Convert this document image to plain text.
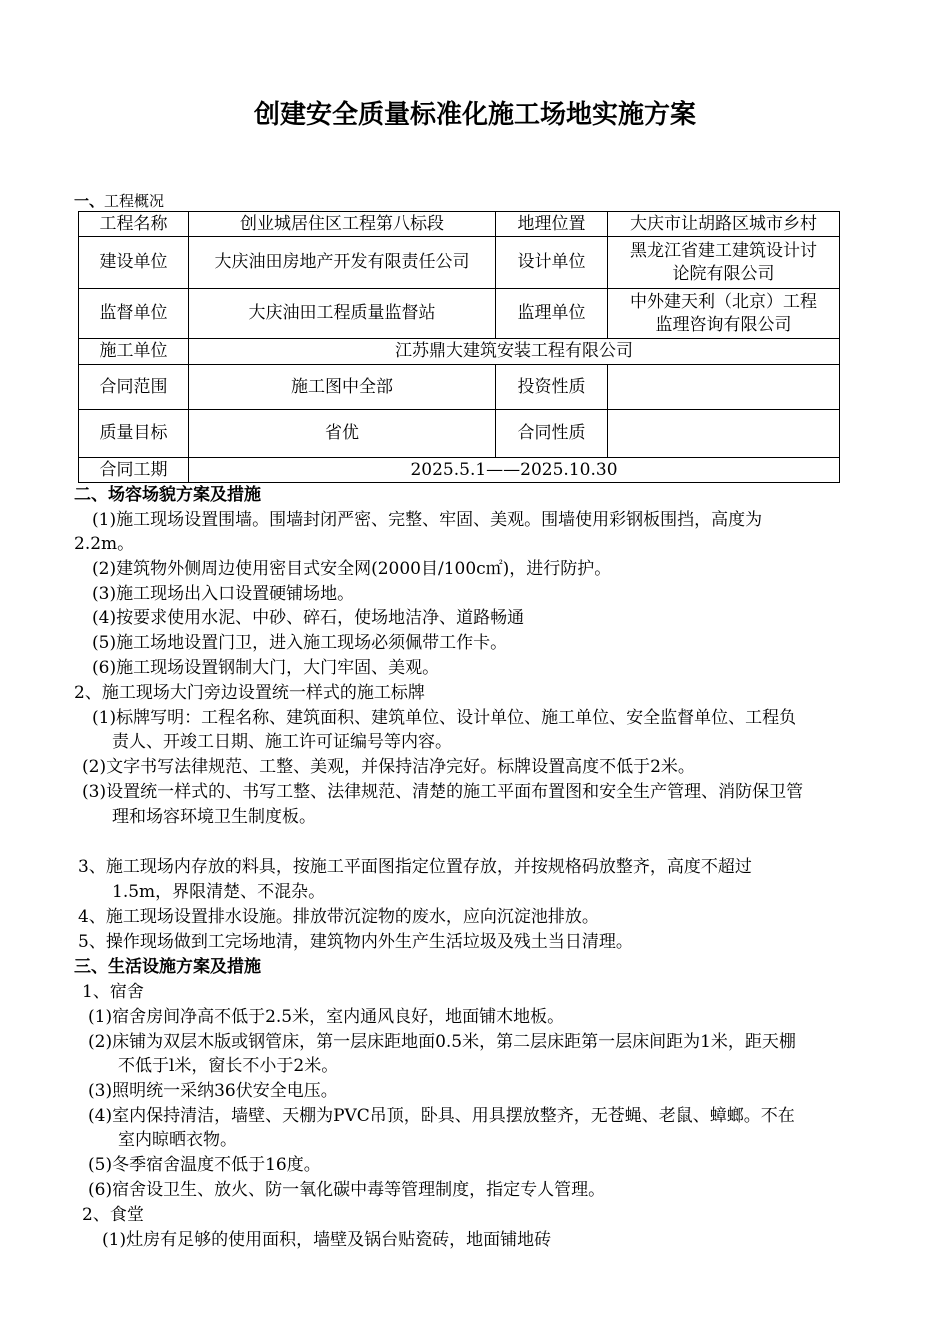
创建安全质量标准化施工场地实施方案
一、工程概况
工程名称	创业城居住区工程第八标段	地理位置	大庆市让胡路区城市乡村
建设单位	大庆油田房地产开发有限责任公司	设计单位	黑龙江省建工建筑设计讨
论院有限公司
监督单位	大庆油田工程质量监督站	监理单位	中外建天利（北京）工程
监理咨询有限公司
施工单位	江苏鼎大建筑安装工程有限公司		
合同范围	施工图中全部	投资性质	
质量目标	省优	合同性质	
合同工期	2025.5.1——2025.10.30		
二、场容场貌方案及措施
(1)施工现场设置围墙。围墙封闭严密、完整、牢固、美观。围墙使用彩钢板围挡，高度为
2.2m。
(2)建筑物外侧周边使用密目式安全网(2000目/100c㎡)，进行防护。
(3)施工现场出入口设置硬铺场地。
(4)按要求使用水泥、中砂、碎石，使场地洁净、道路畅通
(5)施工场地设置门卫，进入施工现场必须佩带工作卡。
(6)施工现场设置钢制大门，大门牢固、美观。
2、施工现场大门旁边设置统一样式的施工标牌
(1)标牌写明：工程名称、建筑面积、建筑单位、设计单位、施工单位、安全监督单位、工程负
责人、开竣工日期、施工许可证编号等内容。
(2)文字书写法律规范、工整、美观，并保持洁净完好。标牌设置高度不低于2米。
(3)设置统一样式的、书写工整、法律规范、清楚的施工平面布置图和安全生产管理、消防保卫管
理和场容环境卫生制度板。
3、施工现场内存放的料具，按施工平面图指定位置存放，并按规格码放整齐，高度不超过
1.5m，界限清楚、不混杂。
4、施工现场设置排水设施。排放带沉淀物的废水，应向沉淀池排放。
5、操作现场做到工完场地清，建筑物内外生产生活垃圾及残土当日清理。
三、生活设施方案及措施
1、宿舍
(1)宿舍房间净高不低于2.5米，室内通风良好，地面铺木地板。
(2)床铺为双层木版或钢管床，第一层床距地面0.5米，第二层床距第一层床间距为1米，距天棚
不低于l米，窗长不小于2米。
(3)照明统一采纳36伏安全电压。
(4)室内保持清洁，墙壁、天棚为PVC吊顶，卧具、用具摆放整齐，无苍蝇、老鼠、蟑螂。不在
室内晾晒衣物。
(5)冬季宿舍温度不低于16度。
(6)宿舍设卫生、放火、防一氧化碳中毒等管理制度，指定专人管理。
2、食堂
(1)灶房有足够的使用面积，墙壁及锅台贴瓷砖，地面铺地砖
